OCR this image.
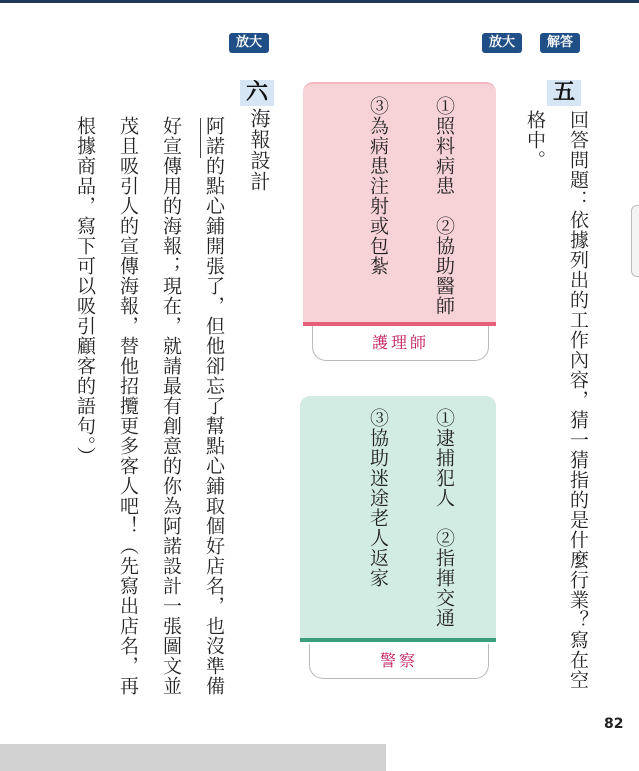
放大	放大	解答
五
回答問題：依據列出的工作內容，猜一猜指的是什麼行業？寫在空格中。
①照料病患　②協助醫師
③為病患注射或包紮
護理師
①逮捕犯人　②指揮交通
③協助迷途老人返家
警察
六
海報設計
阿諾的點心鋪開張了，但他卻忘了幫點心鋪取個好店名，也沒準備好宣傳用的海報；現在，就請最有創意的你為阿諾設計一張圖文並茂且吸引人的宣傳海報，替他招攬更多客人吧！（先寫出店名，再根據商品，寫下可以吸引顧客的語句。）
82
